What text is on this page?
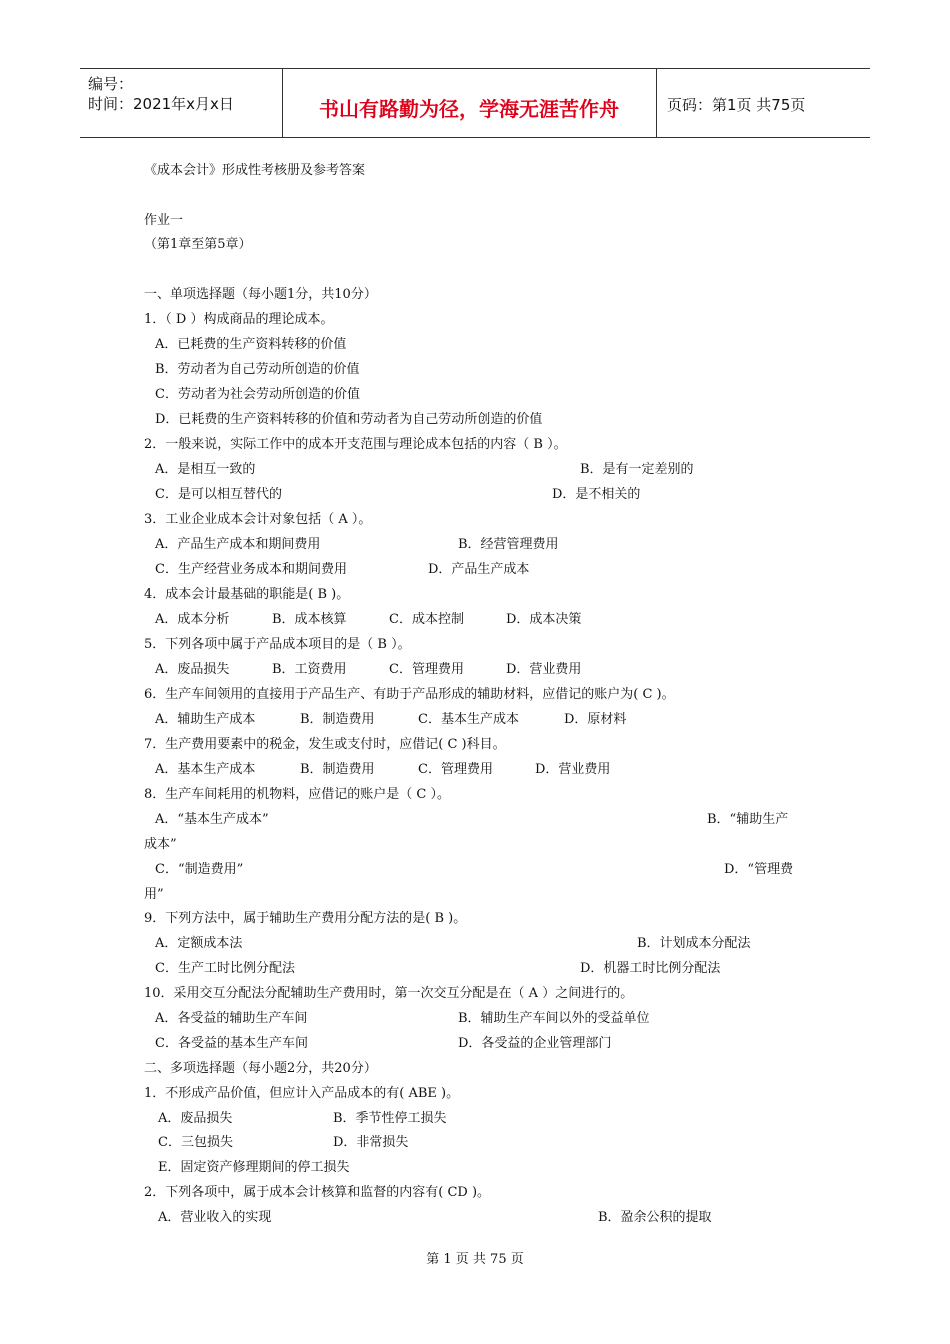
编号：
时间：2021年x月x日	书山有路勤为径，学海无涯苦作舟	页码：第1页 共75页
《成本会计》形成性考核册及参考答案
作业一
（第1章至第5章）
一、单项选择题（每小题1分，共10分）
1．（ D ）构成商品的理论成本。
A．已耗费的生产资料转移的价值
B．劳动者为自己劳动所创造的价值
C．劳动者为社会劳动所创造的价值
D．已耗费的生产资料转移的价值和劳动者为自己劳动所创造的价值
2．一般来说，实际工作中的成本开支范围与理论成本包括的内容（ B ）。
A．是相互一致的	B．是有一定差别的
C．是可以相互替代的	D．是不相关的
3．工业企业成本会计对象包括（ A ）。
A．产品生产成本和期间费用	B．经营管理费用
C．生产经营业务成本和期间费用	D．产品生产成本
4．成本会计最基础的职能是( B )。
A．成本分析	B．成本核算	C．成本控制	D．成本决策
5．下列各项中属于产品成本项目的是（ B ）。
A．废品损失	B．工资费用	C．管理费用	D．营业费用
6．生产车间领用的直接用于产品生产、有助于产品形成的辅助材料，应借记的账户为( C )。
A．辅助生产成本	B．制造费用	C．基本生产成本	D．原材料
7．生产费用要素中的税金，发生或支付时，应借记( C )科目。
A．基本生产成本	B．制造费用	C．管理费用	D．营业费用
8．生产车间耗用的机物料，应借记的账户是（ C ）。
A．“基本生产成本”	B．“辅助生产
成本”
C．“制造费用”	D．“管理费
用”
9．下列方法中，属于辅助生产费用分配方法的是( B )。
A．定额成本法	B．计划成本分配法
C．生产工时比例分配法	D．机器工时比例分配法
10．采用交互分配法分配辅助生产费用时，第一次交互分配是在（ A ）之间进行的。
A．各受益的辅助生产车间	B．辅助生产车间以外的受益单位
C．各受益的基本生产车间	D．各受益的企业管理部门
二、多项选择题（每小题2分，共20分）
1．不形成产品价值，但应计入产品成本的有( ABE )。
A．废品损失	B．季节性停工损失
C．三包损失	D．非常损失
E．固定资产修理期间的停工损失
2．下列各项中，属于成本会计核算和监督的内容有( CD )。
A．营业收入的实现	B．盈余公积的提取
第 1 页 共 75 页
